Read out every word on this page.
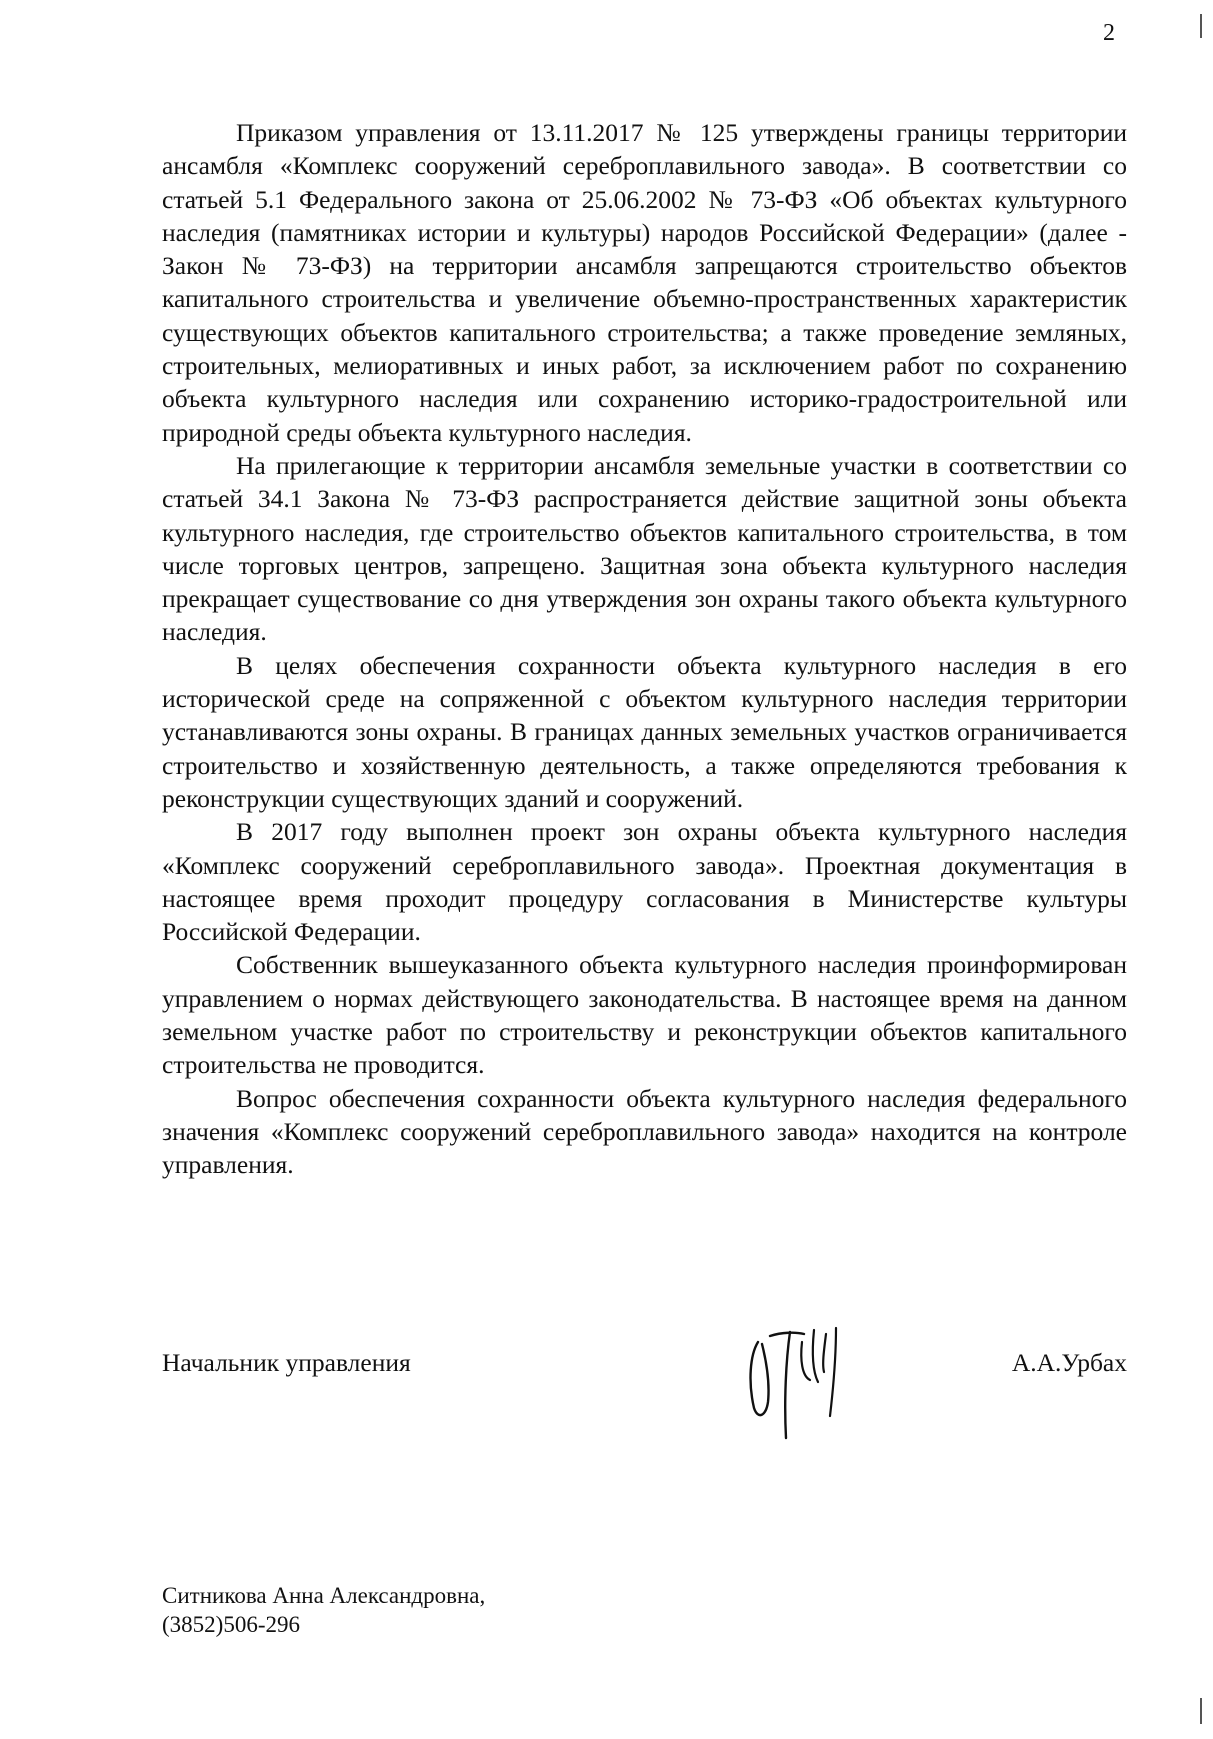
2

Приказом управления от 13.11.2017 № 125 утверждены границы территории ансамбля «Комплекс сооружений сереброплавильного завода». В соответствии со статьей 5.1 Федерального закона от 25.06.2002 № 73-ФЗ «Об объектах культурного наследия (памятниках истории и культуры) народов Российской Федерации» (далее - Закон № 73-ФЗ) на территории ансамбля запрещаются строительство объектов капитального строительства и увеличение объемно-пространственных характеристик существующих объектов капитального строительства; а также проведение земляных, строительных, мелиоративных и иных работ, за исключением работ по сохранению объекта культурного наследия или сохранению историко-градостроительной или природной среды объекта культурного наследия.

На прилегающие к территории ансамбля земельные участки в соответствии со статьей 34.1 Закона № 73-ФЗ распространяется действие защитной зоны объекта культурного наследия, где строительство объектов капитального строительства, в том числе торговых центров, запрещено. Защитная зона объекта культурного наследия прекращает существование со дня утверждения зон охраны такого объекта культурного наследия.

В целях обеспечения сохранности объекта культурного наследия в его исторической среде на сопряженной с объектом культурного наследия территории устанавливаются зоны охраны. В границах данных земельных участков ограничивается строительство и хозяйственную деятельность, а также определяются требования к реконструкции существующих зданий и сооружений.

В 2017 году выполнен проект зон охраны объекта культурного наследия «Комплекс сооружений сереброплавильного завода». Проектная документация в настоящее время проходит процедуру согласования в Министерстве культуры Российской Федерации.

Собственник вышеуказанного объекта культурного наследия проинформирован управлением о нормах действующего законодательства. В настоящее время на данном земельном участке работ по строительству и реконструкции объектов капитального строительства не проводится.

Вопрос обеспечения сохранности объекта культурного наследия федерального значения «Комплекс сооружений сереброплавильного завода» находится на контроле управления.

Начальник управления	А.А.Урбах
Ситникова Анна Александровна,
(3852)506-296
